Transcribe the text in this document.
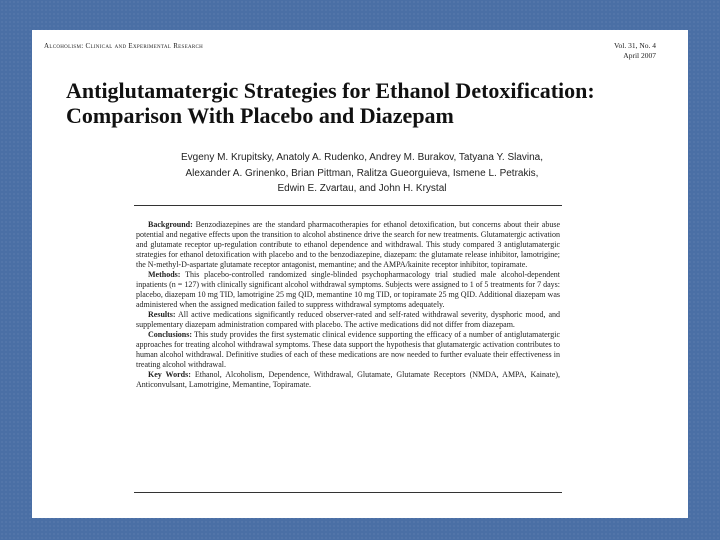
Alcoholism: Clinical and Experimental Research	Vol. 31, No. 4
April 2007
Antiglutamatergic Strategies for Ethanol Detoxification:
Comparison With Placebo and Diazepam
Evgeny M. Krupitsky, Anatoly A. Rudenko, Andrey M. Burakov, Tatyana Y. Slavina,
Alexander A. Grinenko, Brian Pittman, Ralitza Gueorguieva, Ismene L. Petrakis,
Edwin E. Zvartau, and John H. Krystal

Background: Benzodiazepines are the standard pharmacotherapies for ethanol detoxification, but concerns about their abuse potential and negative effects upon the transition to alcohol abstinence drive the search for new treatments. Glutamatergic activation and glutamate receptor up-regulation contribute to ethanol dependence and withdrawal. This study compared 3 antiglutamatergic strategies for ethanol detoxification with placebo and to the benzodiazepine, diazepam: the glutamate release inhibitor, lamotrigine; the N-methyl-D-aspartate glutamate receptor antagonist, memantine; and the AMPA/kainite receptor inhibitor, topiramate.

Methods: This placebo-controlled randomized single-blinded psychopharmacology trial studied male alcohol-dependent inpatients (n = 127) with clinically significant alcohol withdrawal symptoms. Subjects were assigned to 1 of 5 treatments for 7 days: placebo, diazepam 10 mg TID, lamotrigine 25 mg QID, memantine 10 mg TID, or topiramate 25 mg QID. Additional diazepam was administered when the assigned medication failed to suppress withdrawal symptoms adequately.

Results: All active medications significantly reduced observer-rated and self-rated withdrawal severity, dysphoric mood, and supplementary diazepam administration compared with placebo. The active medications did not differ from diazepam.

Conclusions: This study provides the first systematic clinical evidence supporting the efficacy of a number of antiglutamatergic approaches for treating alcohol withdrawal symptoms. These data support the hypothesis that glutamatergic activation contributes to human alcohol withdrawal. Definitive studies of each of these medications are now needed to further evaluate their effectiveness in treating alcohol withdrawal.

Key Words: Ethanol, Alcoholism, Dependence, Withdrawal, Glutamate, Glutamate Receptors (NMDA, AMPA, Kainate), Anticonvulsant, Lamotrigine, Memantine, Topiramate.
